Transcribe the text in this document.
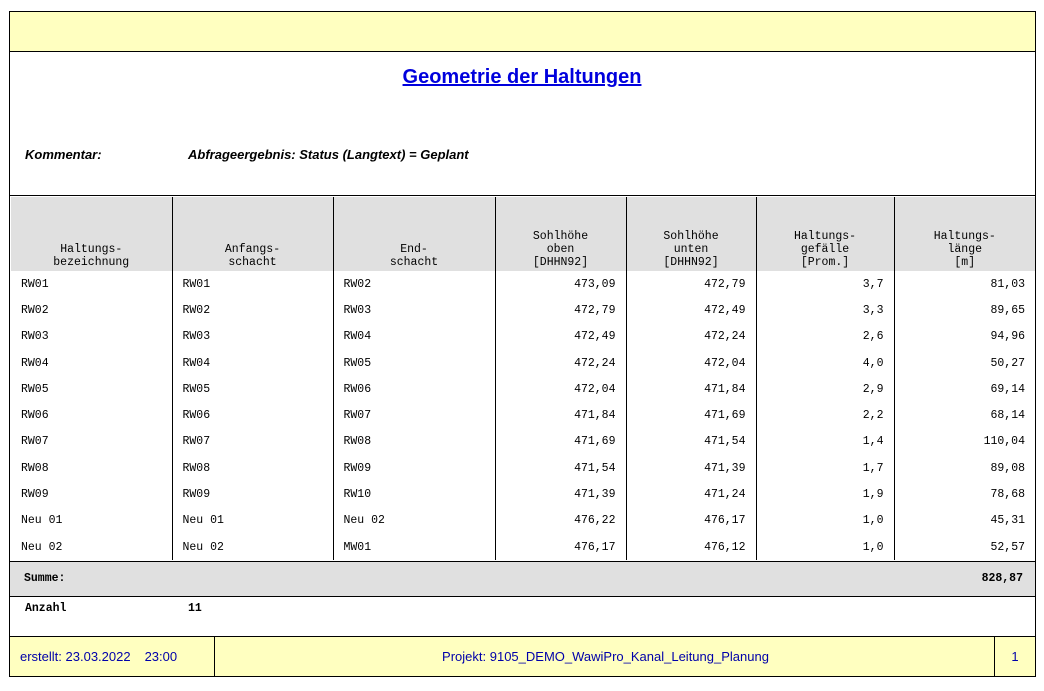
Geometrie der Haltungen
Kommentar:	Abfrageergebnis: Status (Langtext) = Geplant
Haltungs-
bezeichnung	Anfangs-
schacht	End-
schacht	Sohlhöhe
oben
[DHHN92]	Sohlhöhe
unten
[DHHN92]	Haltungs-
gefälle
[Prom.]	Haltungs-
länge
[m]

RW01	RW01	RW02	473,09	472,79	3,7	81,03
RW02	RW02	RW03	472,79	472,49	3,3	89,65
RW03	RW03	RW04	472,49	472,24	2,6	94,96
RW04	RW04	RW05	472,24	472,04	4,0	50,27
RW05	RW05	RW06	472,04	471,84	2,9	69,14
RW06	RW06	RW07	471,84	471,69	2,2	68,14
RW07	RW07	RW08	471,69	471,54	1,4	110,04
RW08	RW08	RW09	471,54	471,39	1,7	89,08
RW09	RW09	RW10	471,39	471,24	1,9	78,68
Neu 01	Neu 01	Neu 02	476,22	476,17	1,0	45,31
Neu 02	Neu 02	MW01	476,17	476,12	1,0	52,57
Summe:	828,87
Anzahl	11
erstellt: 23.03.2022 23:00	Projekt: 9105_DEMO_WawiPro_Kanal_Leitung_Planung	1
